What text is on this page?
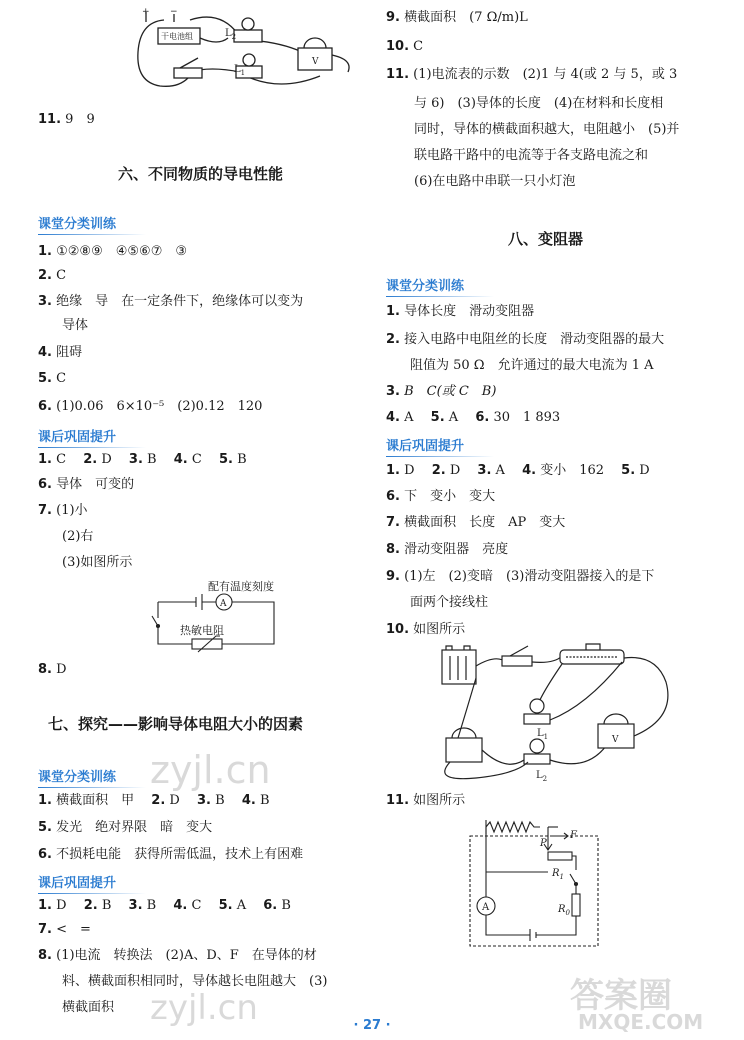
干电池组
+ −
$L_2$
$L_1$
V
11. 9　9
六、不同物质的导电性能
课堂分类训练
1. ①②⑧⑨　④⑤⑥⑦　③
2. C
3. 绝缘　导　在一定条件下，绝缘体可以变为
导体
4. 阻碍
5. C
6. (1)0.06　6×10⁻⁵　(2)0.12　120
课后巩固提升
1. C　 2. D　 3. B　 4. C　 5. B
6. 导体　可变的
7. (1)小
(2)右
(3)如图所示
配有温度刻度
A
热敏电阻
8. D
七、探究——影响导体电阻大小的因素
课堂分类训练
1. 横截面积　甲　 2. D　 3. B　 4. B
5. 发光　绝对界限　暗　变大
6. 不损耗电能　获得所需低温，技术上有困难
课后巩固提升
1. D　 2. B　 3. B　 4. C　 5. A　 6. B
7. <　=
8. (1)电流　转换法　(2)A、D、F　在导体的材
料、横截面积相同时，导体越长电阻越大　(3)
横截面积
9. 横截面积　(7 Ω/m)L
10. C
11. (1)电流表的示数　(2)1 与 4(或 2 与 5，或 3
与 6)　(3)导体的长度　(4)在材料和长度相
同时，导体的横截面积越大，电阻越小　(5)并
联电路干路中的电流等于各支路电流之和
(6)在电路中串联一只小灯泡
八、变阻器
课堂分类训练
1. 导体长度　滑动变阻器
2. 接入电路中电阻丝的长度　滑动变阻器的最大
阻值为 50 Ω　允许通过的最大电流为 1 A
3. B　C(或 C　B)
4. A　 5. A　 6. 30　1 893
课后巩固提升
1. D　 2. D　 3. A　 4. 变小　162　 5. D
6. 下　变小　变大
7. 横截面积　长度　AP　变大
8. 滑动变阻器　亮度
9. (1)左　(2)变暗　(3)滑动变阻器接入的是下
面两个接线柱
10. 如图所示
$L_1$
$L_2$
V
11. 如图所示
P
F
$R_1$
$R_0$
A
zyjl.cn
zyjl.cn	答案圈
MXQE.COM
· 27 ·
